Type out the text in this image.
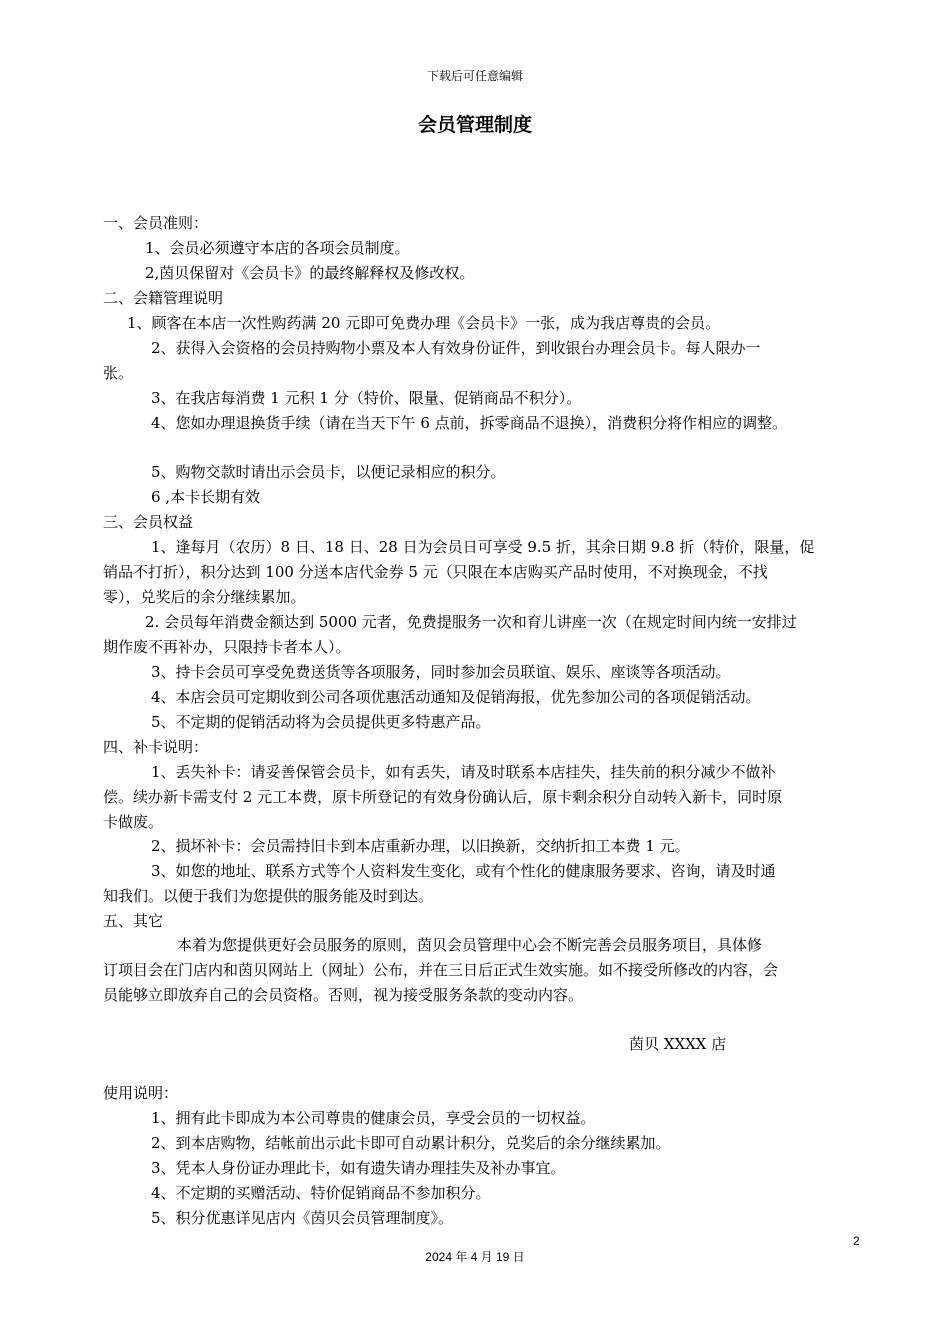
下载后可任意编辑
会员管理制度
一、会员准则：
1、会员必须遵守本店的各项会员制度。
2,茵贝保留对《会员卡》的最终解释权及修改权。
二、会籍管理说明
1、顾客在本店一次性购药满 20 元即可免费办理《会员卡》一张，成为我店尊贵的会员。
2、获得入会资格的会员持购物小票及本人有效身份证件，到收银台办理会员卡。每人限办一
张。
3、在我店每消费 1 元积 1 分（特价、限量、促销商品不积分）。
4、您如办理退换货手续（请在当天下午 6 点前，拆零商品不退换），消费积分将作相应的调整。
5、购物交款时请出示会员卡，以便记录相应的积分。
6 ,本卡长期有效
三、会员权益
1、逢每月（农历）8 日、18 日、28 日为会员日可享受 9.5 折，其余日期 9.8 折（特价，限量，促
销品不打折），积分达到 100 分送本店代金券 5 元（只限在本店购买产品时使用，不对换现金，不找
零），兑奖后的余分继续累加。
2. 会员每年消费金额达到 5000 元者，免费提服务一次和育儿讲座一次（在规定时间内统一安排过
期作废不再补办，只限持卡者本人）。
3、持卡会员可享受免费送货等各项服务，同时参加会员联谊、娱乐、座谈等各项活动。
4、本店会员可定期收到公司各项优惠活动通知及促销海报，优先参加公司的各项促销活动。
5、不定期的促销活动将为会员提供更多特惠产品。
四、补卡说明：
1、丢失补卡：请妥善保管会员卡，如有丢失，请及时联系本店挂失，挂失前的积分减少不做补
偿。续办新卡需支付 2 元工本费，原卡所登记的有效身份确认后，原卡剩余积分自动转入新卡，同时原
卡做废。
2、损坏补卡：会员需持旧卡到本店重新办理，以旧换新，交纳折扣工本费 1 元。
3、如您的地址、联系方式等个人资料发生变化，或有个性化的健康服务要求、咨询，请及时通
知我们。以便于我们为您提供的服务能及时到达。
五、其它
本着为您提供更好会员服务的原则，茵贝会员管理中心会不断完善会员服务项目，具体修
订项目会在门店内和茵贝网站上（网址）公布，并在三日后正式生效实施。如不接受所修改的内容，会
员能够立即放弃自己的会员资格。否则，视为接受服务条款的变动内容。
茵贝 XXXX 店
使用说明：
1、拥有此卡即成为本公司尊贵的健康会员，享受会员的一切权益。
2、到本店购物，结帐前出示此卡即可自动累计积分，兑奖后的余分继续累加。
3、凭本人身份证办理此卡，如有遗失请办理挂失及补办事宜。
4、不定期的买赠活动、特价促销商品不参加积分。
5、积分优惠详见店内《茵贝会员管理制度》。
2
2024 年 4 月 19 日
